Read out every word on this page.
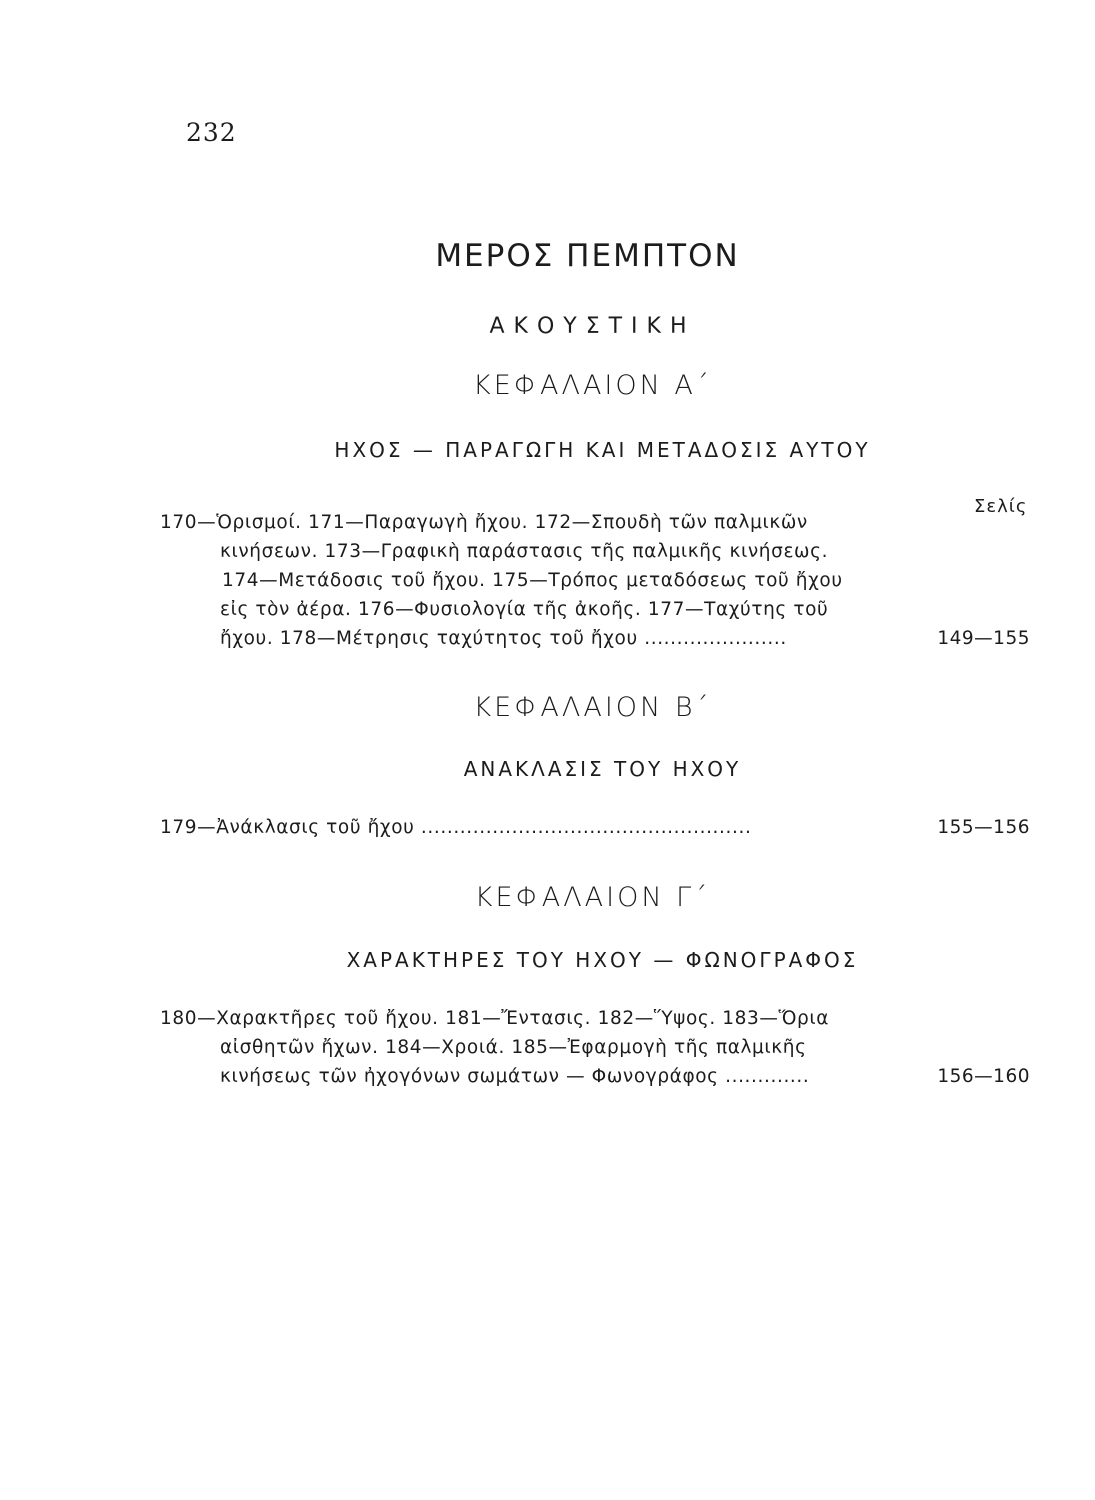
232
ΜΕΡΟΣ ΠΕΜΠΤΟΝ
ΑΚΟΥΣΤΙΚΗ
ΚΕΦΑΛΑΙΟΝ Α΄
ΗΧΟΣ — ΠΑΡΑΓΩΓΗ ΚΑΙ ΜΕΤΑΔΟΣΙΣ ΑΥΤΟΥ
Σελίς
170—Ὁρισμοί. 171—Παραγωγὴ ἤχου. 172—Σπουδὴ τῶν παλμικῶν
κινήσεων. 173—Γραφικὴ παράστασις τῆς παλμικῆς κινήσεως.
174—Μετάδοσις τοῦ ἤχου. 175—Τρόπος μεταδόσεως τοῦ ἤχου
εἰς τὸν ἀέρα. 176—Φυσιολογία τῆς ἀκοῆς. 177—Ταχύτης τοῦ
ἤχου. 178—Μέτρησις ταχύτητος τοῦ ἤχου ......................	149—155
ΚΕΦΑΛΑΙΟΝ Β΄
ΑΝΑΚΛΑΣΙΣ ΤΟΥ ΗΧΟΥ
179—Ἀνάκλασις τοῦ ἤχου ...................................................	155—156
ΚΕΦΑΛΑΙΟΝ Γ΄
ΧΑΡΑΚΤΗΡΕΣ ΤΟΥ ΗΧΟΥ — ΦΩΝΟΓΡΑΦΟΣ
180—Χαρακτῆρες τοῦ ἤχου. 181—Ἔντασις. 182—Ὕψος. 183—Ὅρια
αἰσθητῶν ἤχων. 184—Χροιά. 185—Ἐφαρμογὴ τῆς παλμικῆς
κινήσεως τῶν ἠχογόνων σωμάτων — Φωνογράφος .............	156—160
